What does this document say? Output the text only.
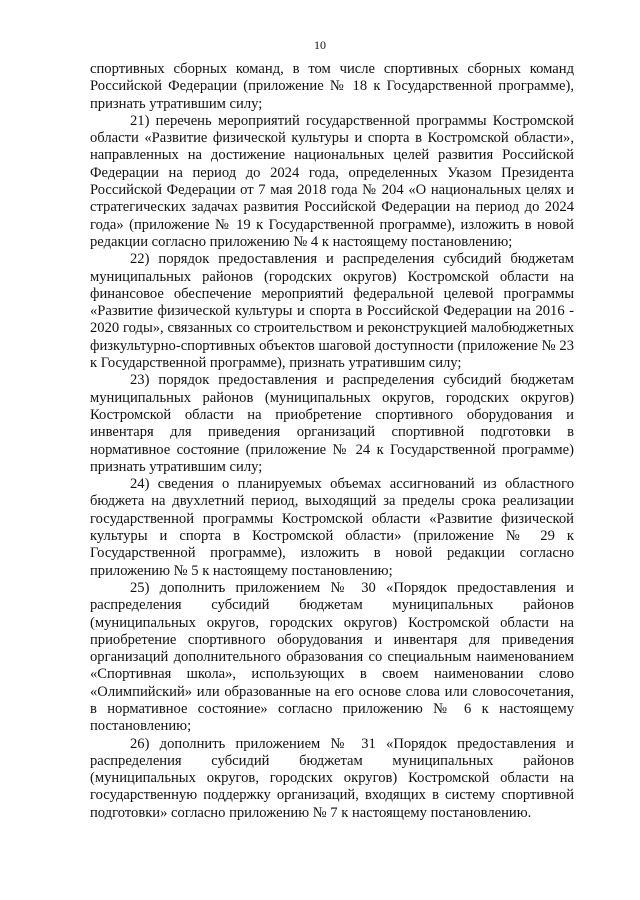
10

спортивных сборных команд, в том числе спортивных сборных команд Российской Федерации (приложение № 18 к Государственной программе), признать утратившим силу;

21) перечень мероприятий государственной программы Костромской области «Развитие физической культуры и спорта в Костромской области», направленных на достижение национальных целей развития Российской Федерации на период до 2024 года, определенных Указом Президента Российской Федерации от 7 мая 2018 года № 204 «О национальных целях и стратегических задачах развития Российской Федерации на период до 2024 года» (приложение № 19 к Государственной программе), изложить в новой редакции согласно приложению № 4 к настоящему постановлению;

22) порядок предоставления и распределения субсидий бюджетам муниципальных районов (городских округов) Костромской области на финансовое обеспечение мероприятий федеральной целевой программы «Развитие физической культуры и спорта в Российской Федерации на 2016 - 2020 годы», связанных со строительством и реконструкцией малобюджетных физкультурно-спортивных объектов шаговой доступности (приложение № 23 к Государственной программе), признать утратившим силу;

23) порядок предоставления и распределения субсидий бюджетам муниципальных районов (муниципальных округов, городских округов) Костромской области на приобретение спортивного оборудования и инвентаря для приведения организаций спортивной подготовки в нормативное состояние (приложение № 24 к Государственной программе) признать утратившим силу;

24) сведения о планируемых объемах ассигнований из областного бюджета на двухлетний период, выходящий за пределы срока реализации государственной программы Костромской области «Развитие физической культуры и спорта в Костромской области» (приложение № 29 к Государственной программе), изложить в новой редакции согласно приложению № 5 к настоящему постановлению;

25) дополнить приложением № 30 «Порядок предоставления и распределения субсидий бюджетам муниципальных районов (муниципальных округов, городских округов) Костромской области на приобретение спортивного оборудования и инвентаря для приведения организаций дополнительного образования со специальным наименованием «Спортивная школа», использующих в своем наименовании слово «Олимпийский» или образованные на его основе слова или словосочетания, в нормативное состояние» согласно приложению № 6 к настоящему постановлению;

26) дополнить приложением № 31 «Порядок предоставления и распределения субсидий бюджетам муниципальных районов (муниципальных округов, городских округов) Костромской области на государственную поддержку организаций, входящих в систему спортивной подготовки» согласно приложению № 7 к настоящему постановлению.
